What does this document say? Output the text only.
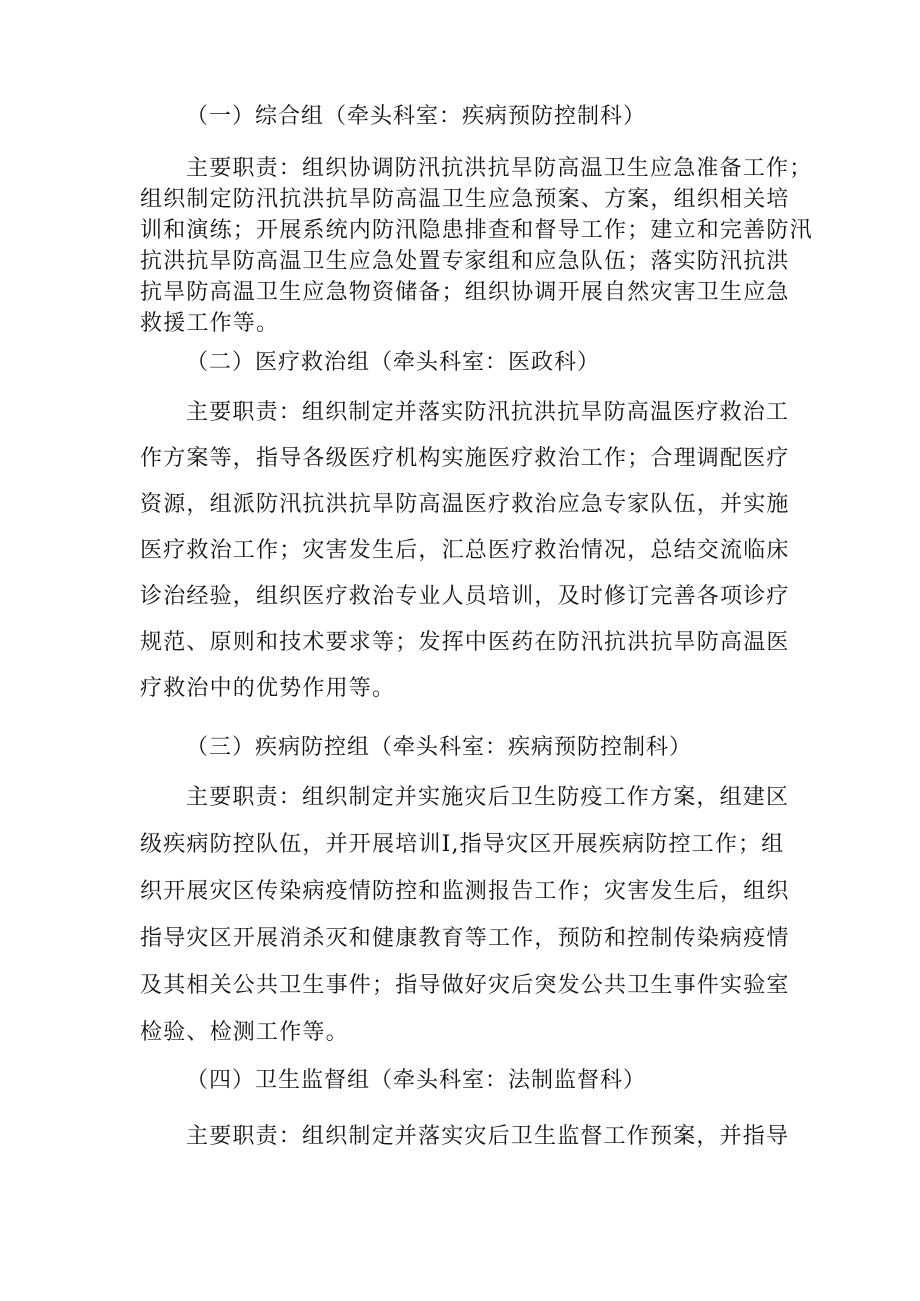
（一）综合组（牵头科室：疾病预防控制科）
主要职责：组织协调防汛抗洪抗旱防高温卫生应急准备工作；
组织制定防汛抗洪抗旱防高温卫生应急预案、方案，组织相关培
训和演练；开展系统内防汛隐患排查和督导工作；建立和完善防汛
抗洪抗旱防高温卫生应急处置专家组和应急队伍；落实防汛抗洪
抗旱防高温卫生应急物资储备；组织协调开展自然灾害卫生应急
救援工作等。
（二）医疗救治组（牵头科室：医政科）
主要职责：组织制定并落实防汛抗洪抗旱防高温医疗救治工
作方案等，指导各级医疗机构实施医疗救治工作；合理调配医疗
资源，组派防汛抗洪抗旱防高温医疗救治应急专家队伍，并实施
医疗救治工作；灾害发生后，汇总医疗救治情况，总结交流临床
诊治经验，组织医疗救治专业人员培训，及时修订完善各项诊疗
规范、原则和技术要求等；发挥中医药在防汛抗洪抗旱防高温医
疗救治中的优势作用等。
（三）疾病防控组（牵头科室：疾病预防控制科）
主要职责：组织制定并实施灾后卫生防疫工作方案，组建区
级疾病防控队伍，并开展培训I,指导灾区开展疾病防控工作；组
织开展灾区传染病疫情防控和监测报告工作；灾害发生后，组织
指导灾区开展消杀灭和健康教育等工作，预防和控制传染病疫情
及其相关公共卫生事件；指导做好灾后突发公共卫生事件实验室
检验、检测工作等。
（四）卫生监督组（牵头科室：法制监督科）
主要职责：组织制定并落实灾后卫生监督工作预案，并指导
